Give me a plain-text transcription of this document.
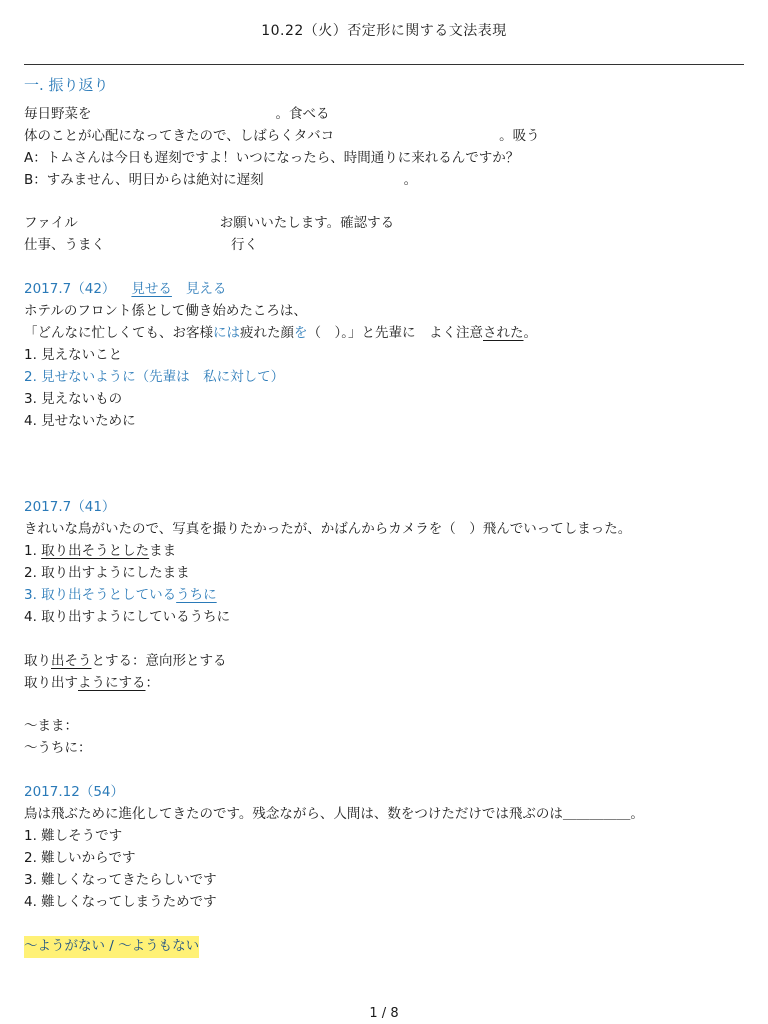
10.22（火）否定形に関する文法表現
一. 振り返り
毎日野菜を	。食べる
体のことが心配になってきたので、しばらくタバコ	。吸う
A：トムさんは今日も遅刻ですよ！いつになったら、時間通りに来れるんですか？
B：すみません、明日からは絶対に遅刻	。
ファイル	お願いいたします。確認する
仕事、うまく	行く
2017.7（42） 見せる 見える
ホテルのフロント係として働き始めたころは、
「どんなに忙しくても、お客様には疲れた顔を（　）。」と先輩に　よく注意された。
1. 見えないこと
2. 見せないように（先輩は　私に対して）
3. 見えないもの
4. 見せないために
2017.7（41）
きれいな鳥がいたので、写真を撮りたかったが、かばんからカメラを（　）飛んでいってしまった。
1. 取り出そうとしたまま
2. 取り出すようにしたまま
3. 取り出そうとしているうちに
4. 取り出すようにしているうちに
取り出そうとする：意向形とする
取り出すようにする：
～まま：
～うちに：
2017.12（54）
鳥は飛ぶために進化してきたのです。残念ながら、人間は、数をつけただけでは飛ぶのは＿＿＿＿＿。
1. 難しそうです
2. 難しいからです
3. 難しくなってきたらしいです
4. 難しくなってしまうためです
～ようがない / ～ようもない
1 / 8
